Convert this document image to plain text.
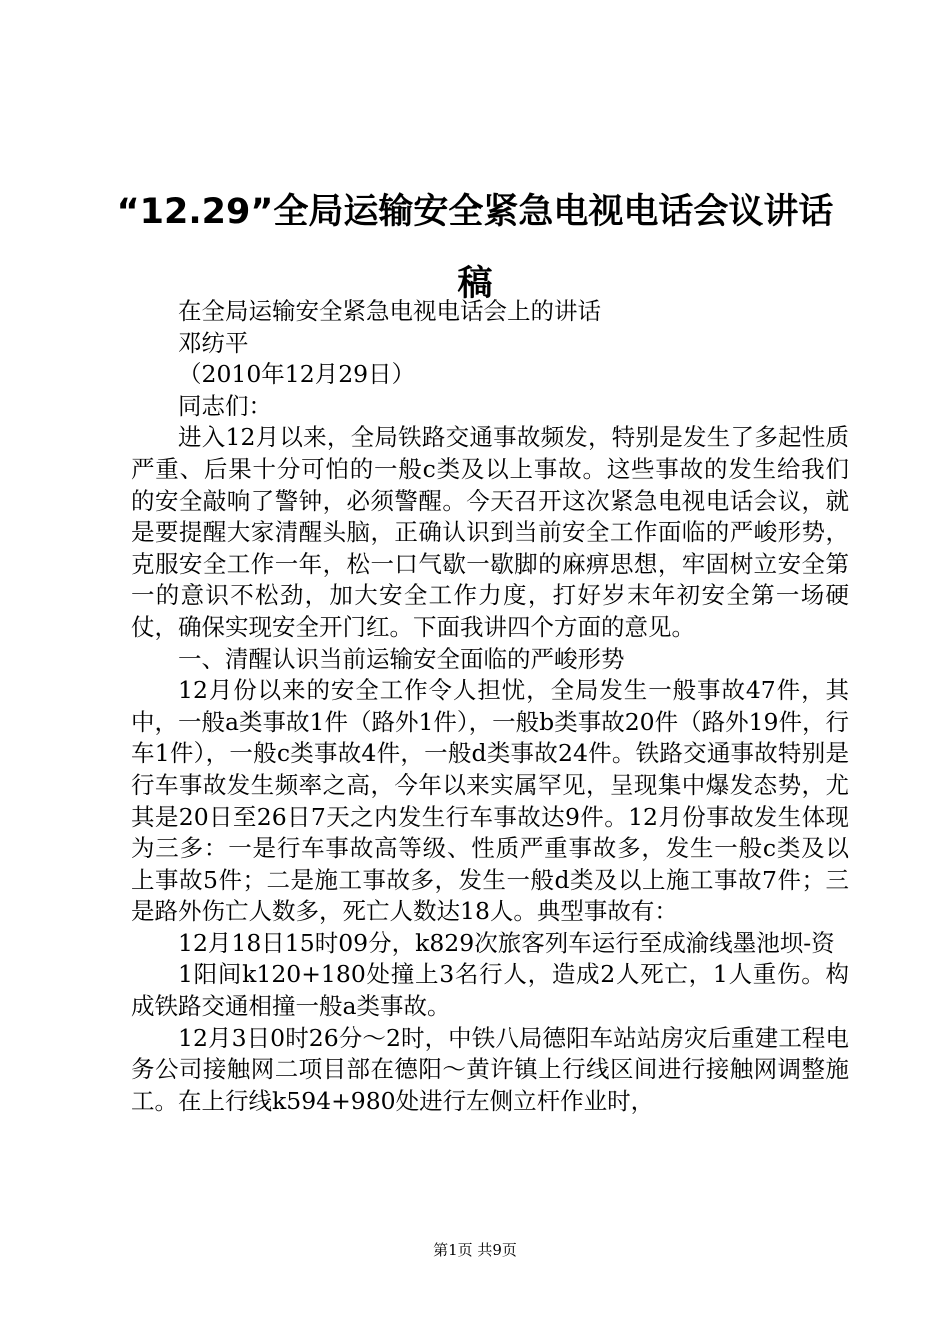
“12.29”全局运输安全紧急电视电话会议讲话稿

在全局运输安全紧急电视电话会上的讲话

邓纺平

（2010年12月29日）

同志们：

进入12月以来，全局铁路交通事故频发，特别是发生了多起性质严重、后果十分可怕的一般c类及以上事故。这些事故的发生给我们的安全敲响了警钟，必须警醒。今天召开这次紧急电视电话会议，就是要提醒大家清醒头脑，正确认识到当前安全工作面临的严峻形势，克服安全工作一年，松一口气歇一歇脚的麻痹思想，牢固树立安全第一的意识不松劲，加大安全工作力度，打好岁末年初安全第一场硬仗，确保实现安全开门红。下面我讲四个方面的意见。

一、清醒认识当前运输安全面临的严峻形势

12月份以来的安全工作令人担忧，全局发生一般事故47件，其中，一般a类事故1件（路外1件），一般b类事故20件（路外19件，行车1件），一般c类事故4件，一般d类事故24件。铁路交通事故特别是行车事故发生频率之高，今年以来实属罕见，呈现集中爆发态势，尤其是20日至26日7天之内发生行车事故达9件。12月份事故发生体现为三多：一是行车事故高等级、性质严重事故多，发生一般c类及以上事故5件；二是施工事故多，发生一般d类及以上施工事故7件；三是路外伤亡人数多，死亡人数达18人。典型事故有：

12月18日15时09分，k829次旅客列车运行至成渝线墨池坝-资

1阳间k120+180处撞上3名行人，造成2人死亡，1人重伤。构成铁路交通相撞一般a类事故。

12月3日0时26分～2时，中铁八局德阳车站站房灾后重建工程电务公司接触网二项目部在德阳～黄许镇上行线区间进行接触网调整施工。在上行线k594+980处进行左侧立杆作业时，

第1页 共9页
